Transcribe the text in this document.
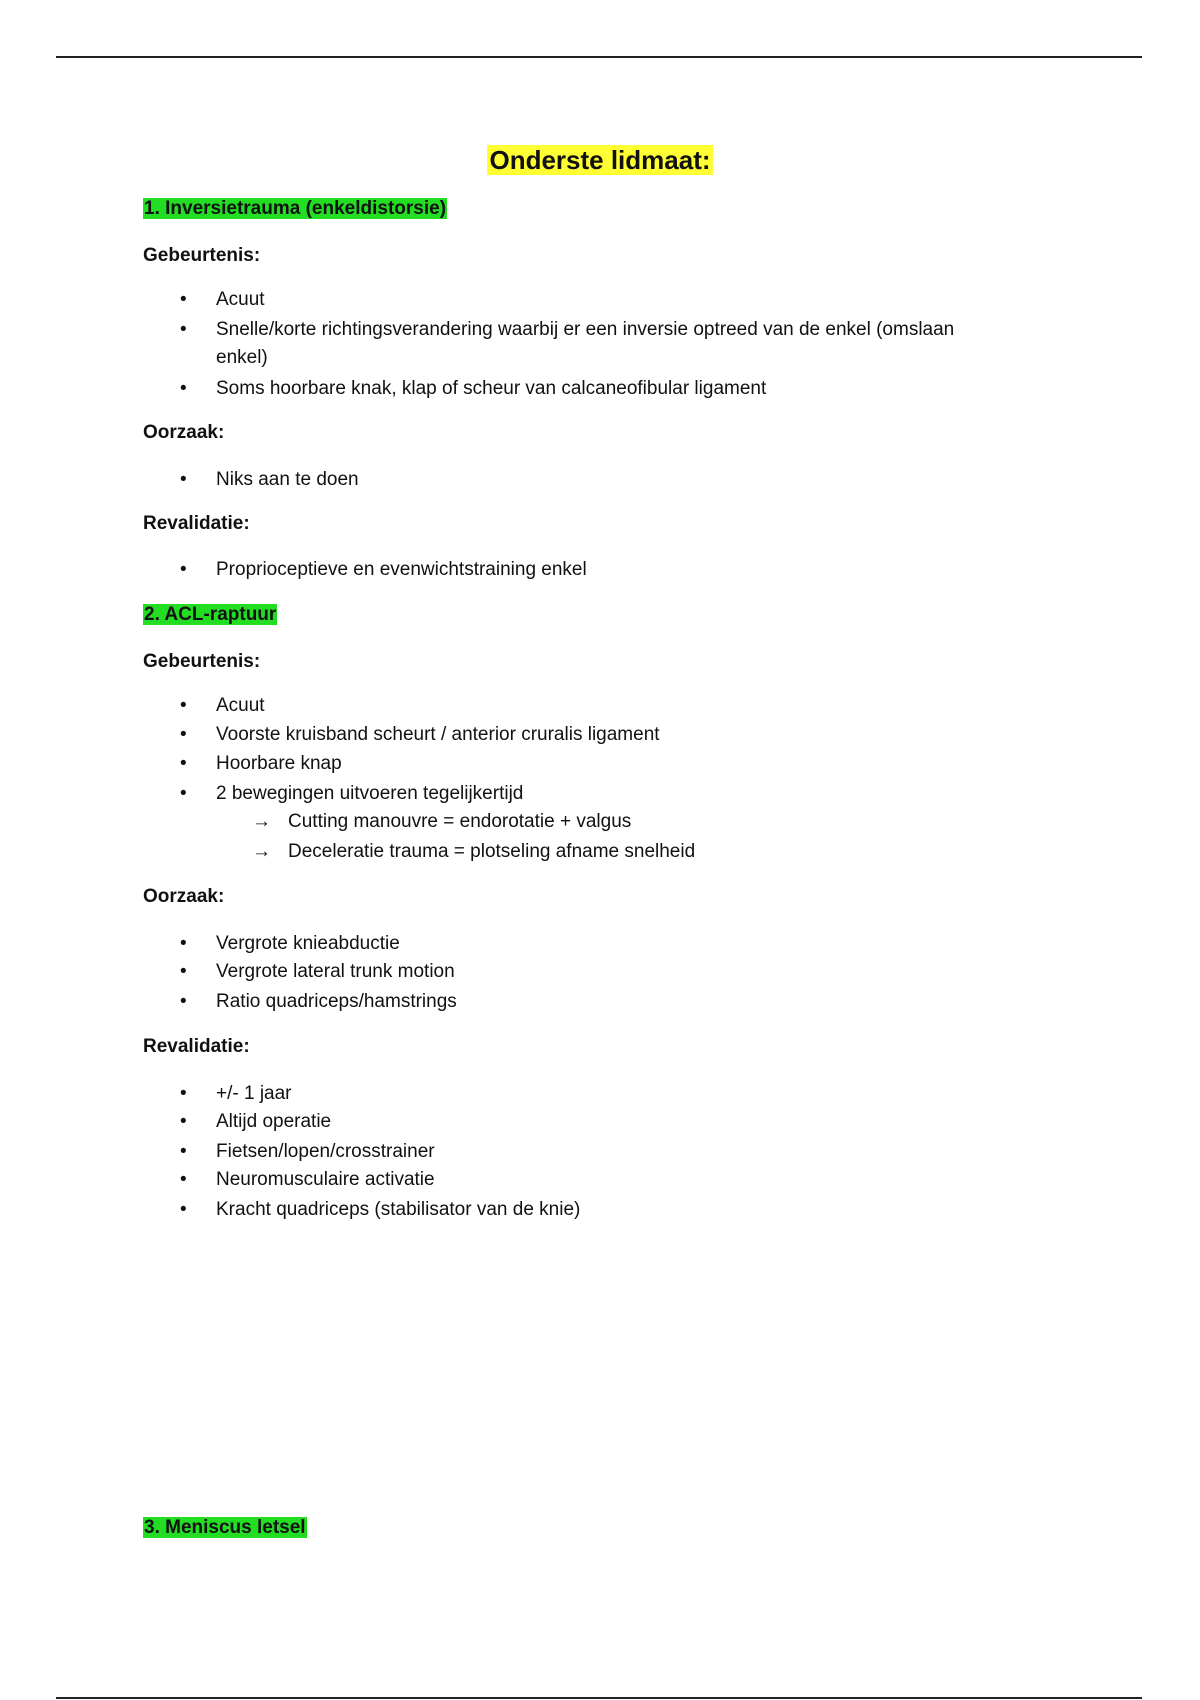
Onderste lidmaat:
1. Inversietrauma (enkeldistorsie)
Gebeurtenis:
•	Acuut
•	Snelle/korte richtingsverandering waarbij er een inversie optreed van de enkel (omslaan
enkel)
•	Soms hoorbare knak, klap of scheur van calcaneofibular ligament
Oorzaak:
•	Niks aan te doen
Revalidatie:
•	Proprioceptieve en evenwichtstraining enkel
2. ACL-raptuur
Gebeurtenis:
•	Acuut
•	Voorste kruisband scheurt / anterior cruralis ligament
•	Hoorbare knap
•	2 bewegingen uitvoeren tegelijkertijd
→ Cutting manouvre = endorotatie + valgus
→ Deceleratie trauma = plotseling afname snelheid
Oorzaak:
•	Vergrote knieabductie
•	Vergrote lateral trunk motion
•	Ratio quadriceps/hamstrings
Revalidatie:
•	+/- 1 jaar
•	Altijd operatie
•	Fietsen/lopen/crosstrainer
•	Neuromusculaire activatie
•	Kracht quadriceps (stabilisator van de knie)
3. Meniscus letsel
